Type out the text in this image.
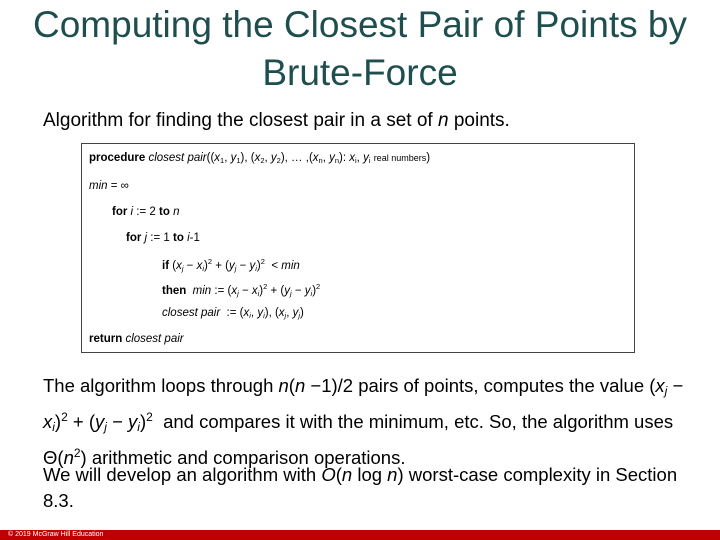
Computing the Closest Pair of Points by
Brute-Force
Algorithm for finding the closest pair in a set of n points.
procedure closest $pair((x_1$, $y_1$), ($x_2$, $y_2$), … $,(x_n$, $y_n$): $x_i$, $y_i$ real numbers)
min = ∞
for i := 2 to n
for j := 1 to i-1
if $(x_j - x_i)^2 + (y_j - y_i)^2 < \min$
then min := $(x_j - x_i)^2 + (y_j - y_i)^2$
closest pair  := ($x_i$, $y_i$), ($x_j$, $y_j$)
return closest pair
The algorithm loops through n(n −1)/2 pairs of points, computes the value $(x_j - x_i)^2 + (y_j - y_i)^2$  and compares it with the minimum, etc. So, the algorithm uses $\Theta(n^2)$ arithmetic and comparison operations.
We will develop an algorithm with O(n log n) worst-case complexity in Section 8.3.
© 2019 McGraw Hill Education
